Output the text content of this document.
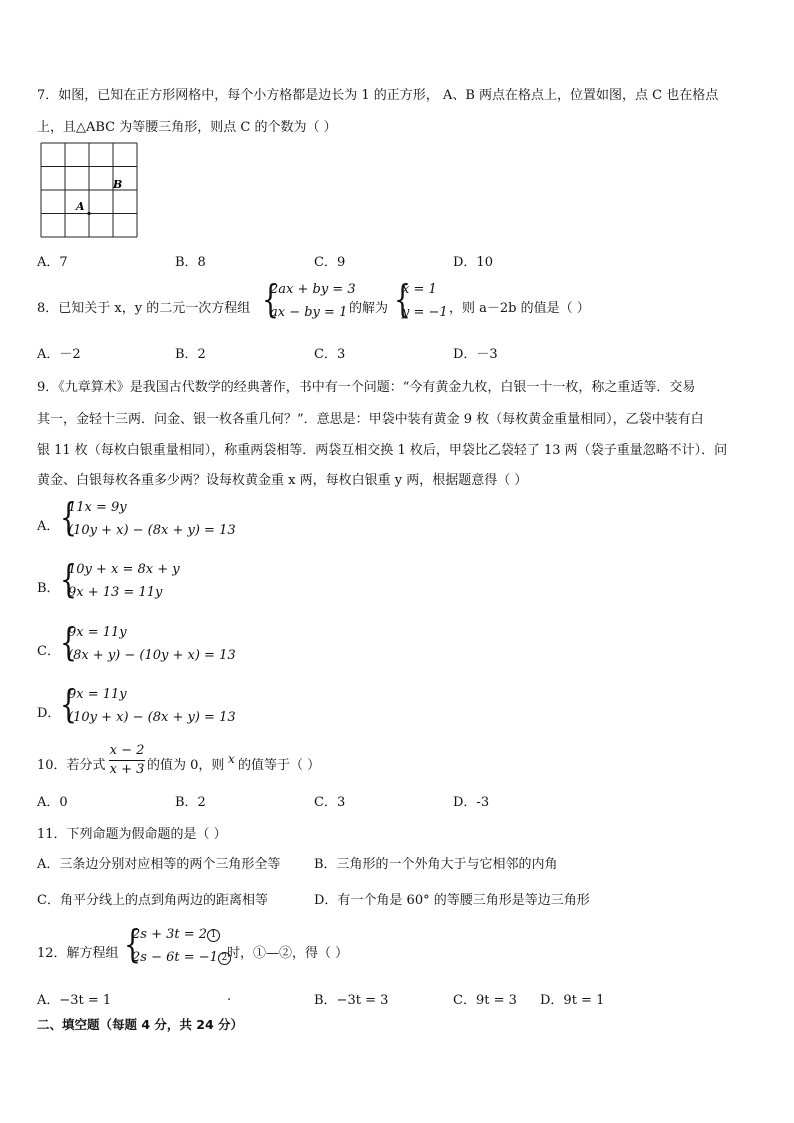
7．如图，已知在正方形网格中，每个小方格都是边长为 1 的正方形， A、B 两点在格点上，位置如图，点 C 也在格点
上，且△ABC 为等腰三角形，则点 C 的个数为（ ）
A
B
A．7	B．8	C．9	D．10
8．已知关于 x，y 的二元一次方程组 {
2ax + by = 3
ax − by = 1 的解为 {
x = 1
y = −1 ，则 a－2b 的值是（ ）
A．－2	B．2	C．3	D．－3
9．《九章算术》是我国古代数学的经典著作，书中有一个问题：“今有黄金九枚，白银一十一枚，称之重适等．交易
其一，金轻十三两．问金、银一枚各重几何？”．意思是：甲袋中装有黄金 9 枚（每枚黄金重量相同），乙袋中装有白
银 11 枚（每枚白银重量相同），称重两袋相等．两袋互相交换 1 枚后，甲袋比乙袋轻了 13 两（袋子重量忽略不计）．问
黄金、白银每枚各重多少两？设每枚黄金重 x 两，每枚白银重 y 两，根据题意得（ ）
A． {
11x = 9y
(10y + x) − (8x + y) = 13
B． {
10y + x = 8x + y
9x + 13 = 11y
C． {
9x = 11y
(8x + y) − (10y + x) = 13
D． {
9x = 11y
(10y + x) − (8x + y) = 13
10．若分式
x − 2
x + 3 的值为 0，则 x 的值等于（ ）
A．0	B．2	C．3	D．-3
11．下列命题为假命题的是（ ）
A．三条边分别对应相等的两个三角形全等	B．三角形的一个外角大于与它相邻的内角
C．角平分线上的点到角两边的距离相等	D．有一个角是 60° 的等腰三角形是等边三角形
12．解方程组 {
2s + 3t = 2 1
2s − 6t = −1 2 时，①—②，得（ ）
A．−3t = 1	.	B．−3t = 3	C．9t = 3 D．9t = 1
二、填空题（每题 4 分，共 24 分）
